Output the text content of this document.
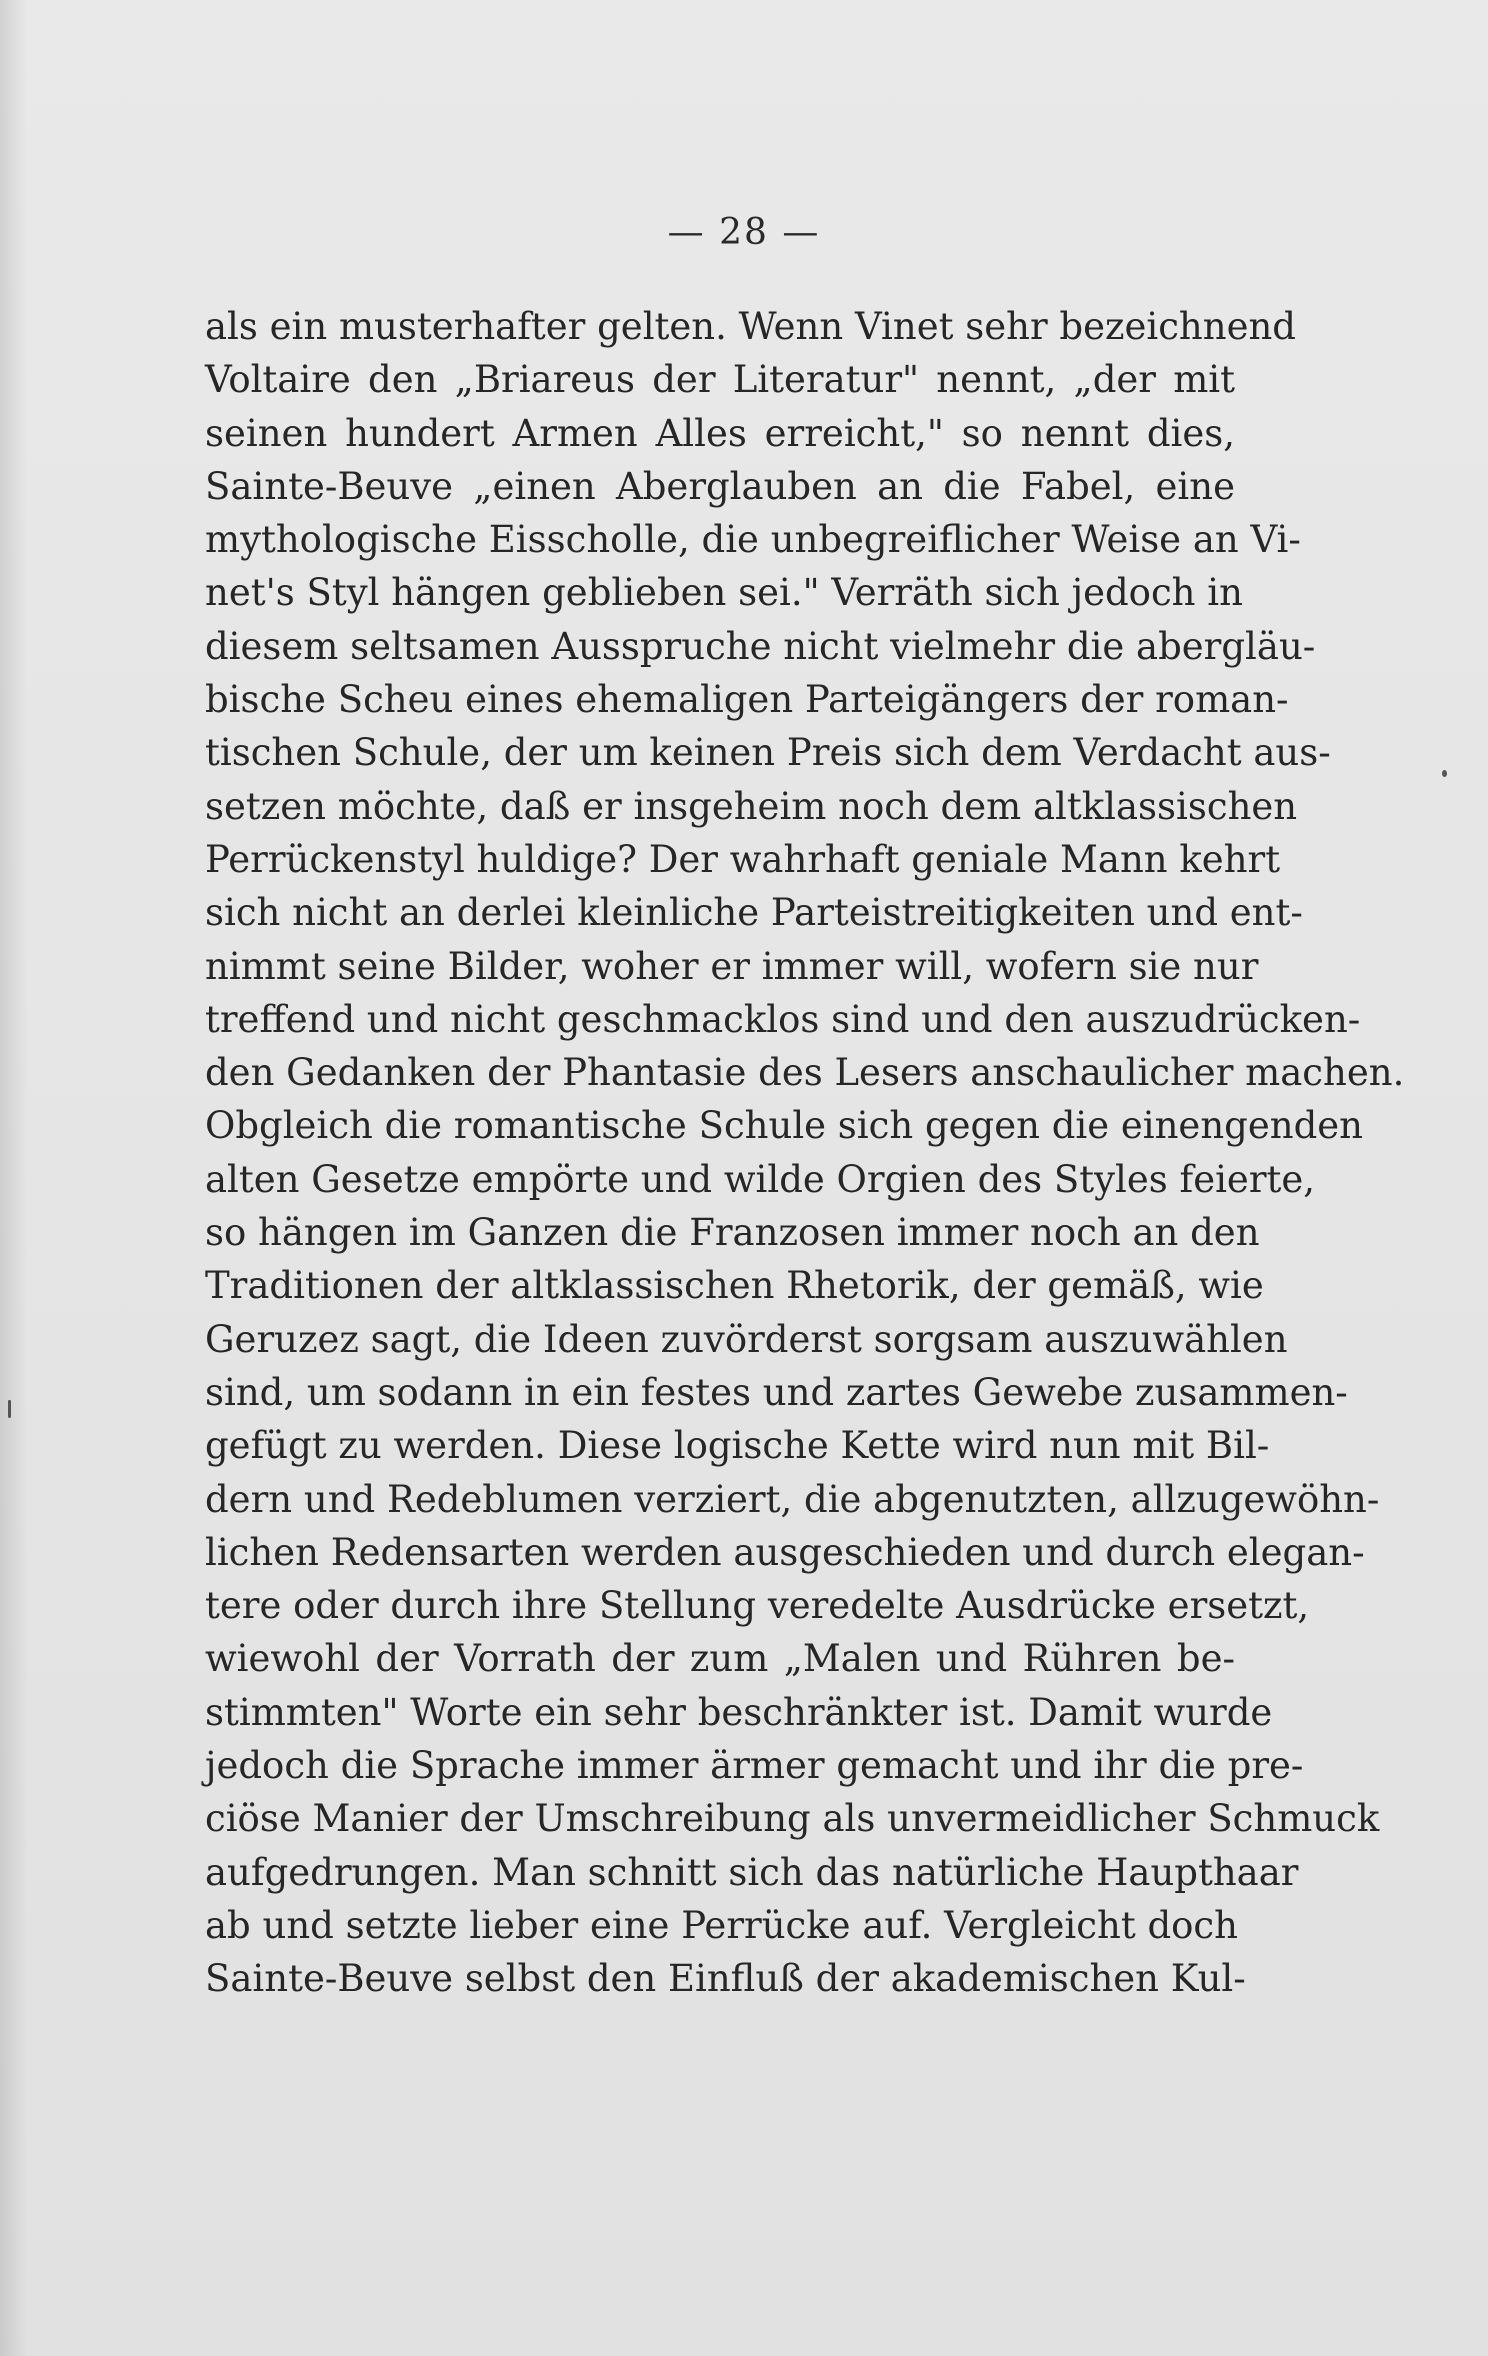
— 28 —
als ein musterhafter gelten. Wenn Vinet sehr bezeichnend
Voltaire den „Briareus der Literatur" nennt, „der mit
seinen hundert Armen Alles erreicht," so nennt dies,
Sainte-Beuve „einen Aberglauben an die Fabel, eine
mythologische Eisscholle, die unbegreiflicher Weise an Vi-
net's Styl hängen geblieben sei." Verräth sich jedoch in
diesem seltsamen Ausspruche nicht vielmehr die abergläu-
bische Scheu eines ehemaligen Parteigängers der roman-
tischen Schule, der um keinen Preis sich dem Verdacht aus-
setzen möchte, daß er insgeheim noch dem altklassischen
Perrückenstyl huldige? Der wahrhaft geniale Mann kehrt
sich nicht an derlei kleinliche Parteistreitigkeiten und ent-
nimmt seine Bilder, woher er immer will, wofern sie nur
treffend und nicht geschmacklos sind und den auszudrücken-
den Gedanken der Phantasie des Lesers anschaulicher machen.
Obgleich die romantische Schule sich gegen die einengenden
alten Gesetze empörte und wilde Orgien des Styles feierte,
so hängen im Ganzen die Franzosen immer noch an den
Traditionen der altklassischen Rhetorik, der gemäß, wie
Geruzez sagt, die Ideen zuvörderst sorgsam auszuwählen
sind, um sodann in ein festes und zartes Gewebe zusammen-
gefügt zu werden. Diese logische Kette wird nun mit Bil-
dern und Redeblumen verziert, die abgenutzten, allzugewöhn-
lichen Redensarten werden ausgeschieden und durch elegan-
tere oder durch ihre Stellung veredelte Ausdrücke ersetzt,
wiewohl der Vorrath der zum „Malen und Rühren be-
stimmten" Worte ein sehr beschränkter ist. Damit wurde
jedoch die Sprache immer ärmer gemacht und ihr die pre-
ciöse Manier der Umschreibung als unvermeidlicher Schmuck
aufgedrungen. Man schnitt sich das natürliche Haupthaar
ab und setzte lieber eine Perrücke auf. Vergleicht doch
Sainte-Beuve selbst den Einfluß der akademischen Kul-
